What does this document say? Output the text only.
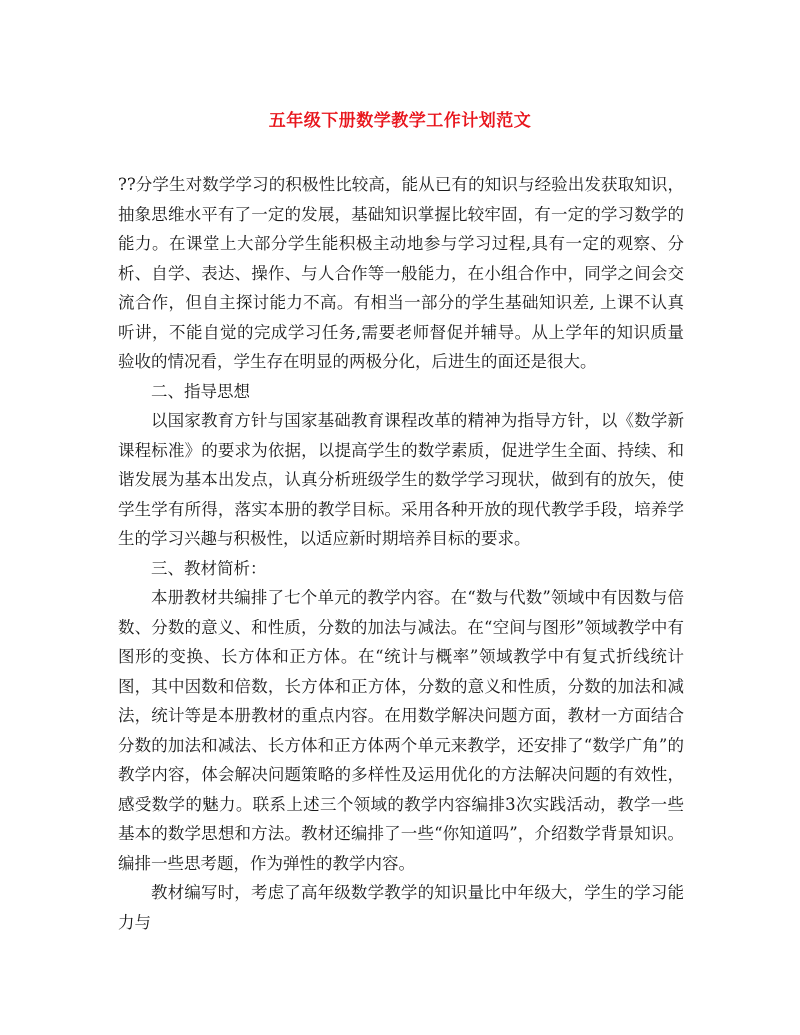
五年级下册数学教学工作计划范文

??分学生对数学学习的积极性比较高，能从已有的知识与经验出发获取知识，抽象思维水平有了一定的发展，基础知识掌握比较牢固，有一定的学习数学的能力。在课堂上大部分学生能积极主动地参与学习过程,具有一定的观察、分析、自学、表达、操作、与人合作等一般能力，在小组合作中，同学之间会交流合作，但自主探讨能力不高。有相当一部分的学生基础知识差, 上课不认真听讲，不能自觉的完成学习任务,需要老师督促并辅导。从上学年的知识质量验收的情况看，学生存在明显的两极分化，后进生的面还是很大。

二、指导思想

以国家教育方针与国家基础教育课程改革的精神为指导方针，以《数学新课程标准》的要求为依据，以提高学生的数学素质，促进学生全面、持续、和谐发展为基本出发点，认真分析班级学生的数学学习现状，做到有的放矢，使学生学有所得，落实本册的教学目标。采用各种开放的现代教学手段，培养学生的学习兴趣与积极性，以适应新时期培养目标的要求。

三、教材简析：

本册教材共编排了七个单元的教学内容。在“数与代数”领域中有因数与倍数、分数的意义、和性质，分数的加法与减法。在“空间与图形”领域教学中有图形的变换、长方体和正方体。在“统计与概率”领域教学中有复式折线统计图，其中因数和倍数，长方体和正方体，分数的意义和性质，分数的加法和减法，统计等是本册教材的重点内容。在用数学解决问题方面，教材一方面结合分数的加法和减法、长方体和正方体两个单元来教学，还安排了“数学广角”的教学内容，体会解决问题策略的多样性及运用优化的方法解决问题的有效性，感受数学的魅力。联系上述三个领域的教学内容编排3次实践活动，教学一些基本的数学思想和方法。教材还编排了一些“你知道吗”，介绍数学背景知识。编排一些思考题，作为弹性的教学内容。

教材编写时，考虑了高年级数学教学的知识量比中年级大，学生的学习能力与
